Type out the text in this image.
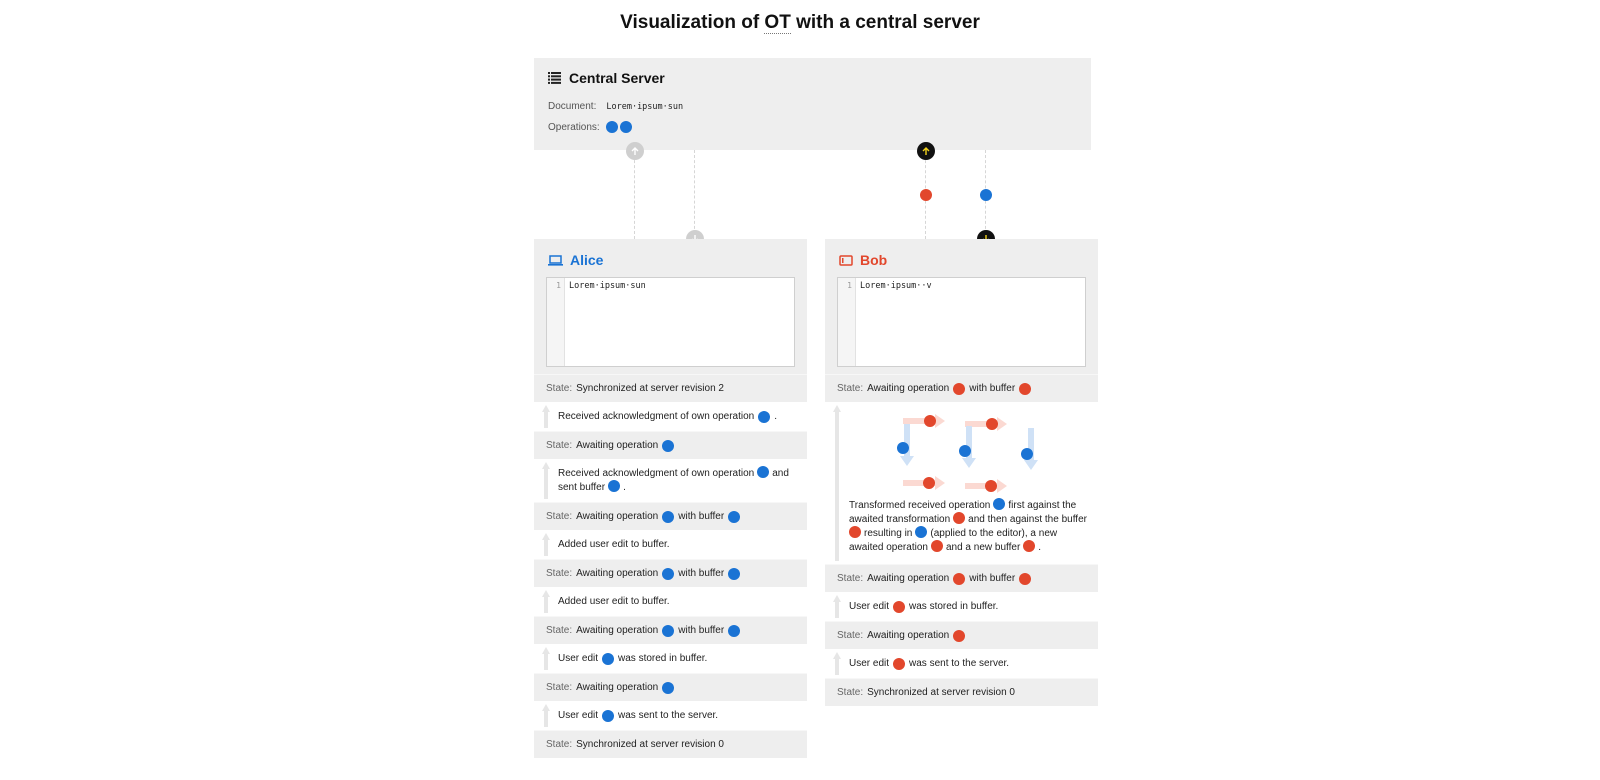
Visualization of OT with a central server
Central Server
Document: Lorem·ipsum·sun
Operations:
Alice
1 Lorem·ipsum·sun
State: Synchronized at server revision 2
Received acknowledgment of own operation .
State: Awaiting operation
Received acknowledgment of own operation and
sent buffer .
State: Awaiting operation with buffer
Added user edit to buffer.
State: Awaiting operation with buffer
Added user edit to buffer.
State: Awaiting operation with buffer
User edit was stored in buffer.
State: Awaiting operation
User edit was sent to the server.
State: Synchronized at server revision 0
Bob
1 Lorem·ipsum··v
State: Awaiting operation with buffer
Transformed received operation first against the
awaited transformation and then against the buffer
resulting in (applied to the editor), a new
awaited operation and a new buffer .
State: Awaiting operation with buffer
User edit was stored in buffer.
State: Awaiting operation
User edit was sent to the server.
State: Synchronized at server revision 0
